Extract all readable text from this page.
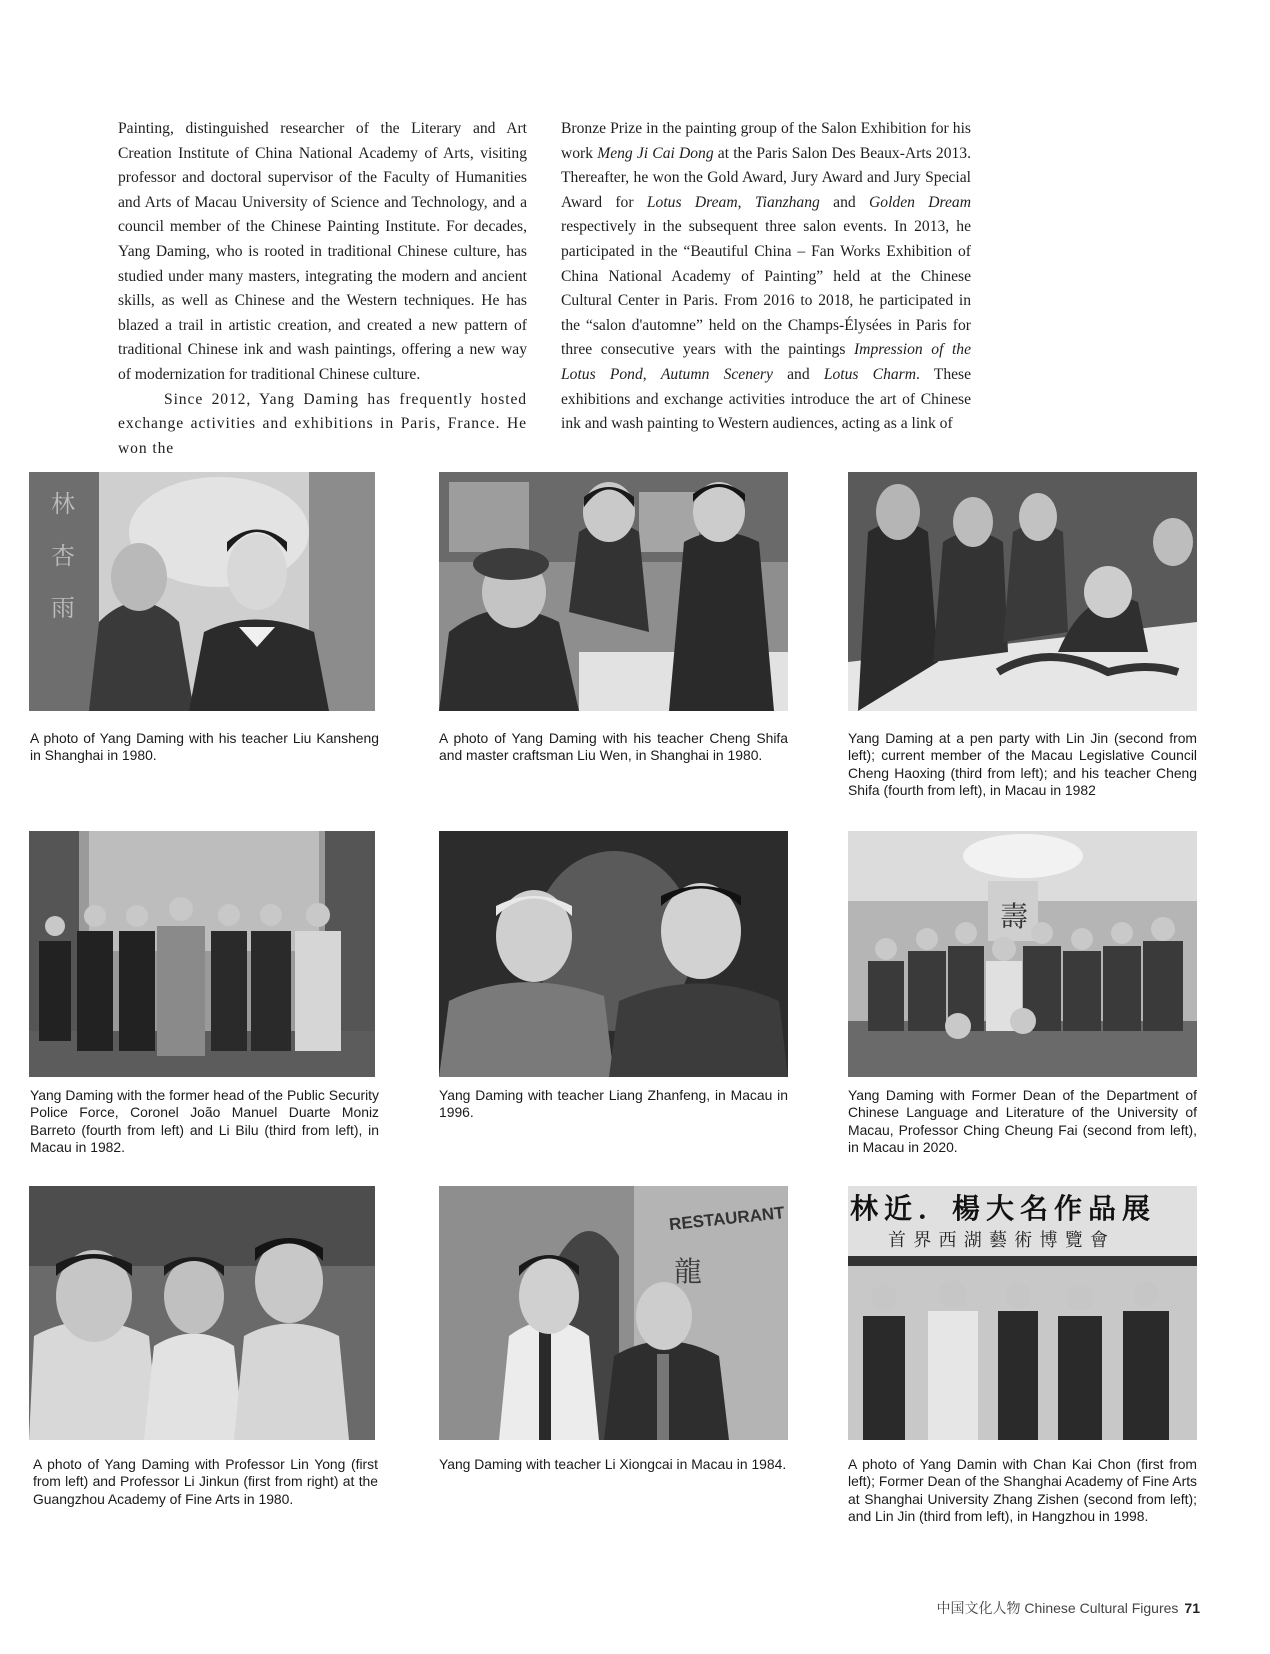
Painting, distinguished researcher of the Literary and Art Creation Institute of China National Academy of Arts, visiting professor and doctoral supervisor of the Faculty of Humanities and Arts of Macau University of Science and Technology, and a council member of the Chinese Painting Institute. For decades, Yang Daming, who is rooted in traditional Chinese culture, has studied under many masters, integrating the modern and ancient skills, as well as Chinese and the Western techniques. He has blazed a trail in artistic creation, and created a new pattern of traditional Chinese ink and wash paintings, offering a new way of modernization for traditional Chinese culture.

Since 2012, Yang Daming has frequently hosted exchange activities and exhibitions in Paris, France. He won the

Bronze Prize in the painting group of the Salon Exhibition for his work Meng Ji Cai Dong at the Paris Salon Des Beaux-Arts 2013. Thereafter, he won the Gold Award, Jury Award and Jury Special Award for Lotus Dream, Tianzhang and Golden Dream respectively in the subsequent three salon events. In 2013, he participated in the “Beautiful China – Fan Works Exhibition of China National Academy of Painting” held at the Chinese Cultural Center in Paris. From 2016 to 2018, he participated in the “salon d'automne” held on the Champs-Élysées in Paris for three consecutive years with the paintings Impression of the Lotus Pond, Autumn Scenery and Lotus Charm. These exhibitions and exchange activities introduce the art of Chinese ink and wash painting to Western audiences, acting as a link of

林
杏
雨
A photo of Yang Daming with his teacher Liu Kansheng in Shanghai in 1980.
A photo of Yang Daming with his teacher Cheng Shifa and master craftsman Liu Wen, in Shanghai in 1980.
Yang Daming at a pen party with Lin Jin (second from left); current member of the Macau Legislative Council Cheng Haoxing (third from left); and his teacher Cheng Shifa (fourth from left), in Macau in 1982
壽
Yang Daming with the former head of the Public Security Police Force, Coronel João Manuel Duarte Moniz Barreto (fourth from left) and Li Bilu (third from left), in Macau in 1982.
Yang Daming with teacher Liang Zhanfeng, in Macau in 1996.
Yang Daming with Former Dean of the Department of Chinese Language and Literature of the University of Macau, Professor Ching Cheung Fai (second from left), in Macau in 2020.
RESTAURANT
龍
林近．楊大名作品展
首界西湖藝術博覽會
A photo of Yang Daming with Professor Lin Yong (first from left) and Professor Li Jinkun (first from right) at the Guangzhou Academy of Fine Arts in 1980.
Yang Daming with teacher Li Xiongcai in Macau in 1984.	A photo of Yang Damin with Chan Kai Chon (first from left); Former Dean of the Shanghai Academy of Fine Arts at Shanghai University Zhang Zishen (second from left); and Lin Jin (third from left), in Hangzhou in 1998.
中国文化人物 Chinese Cultural Figures 71
